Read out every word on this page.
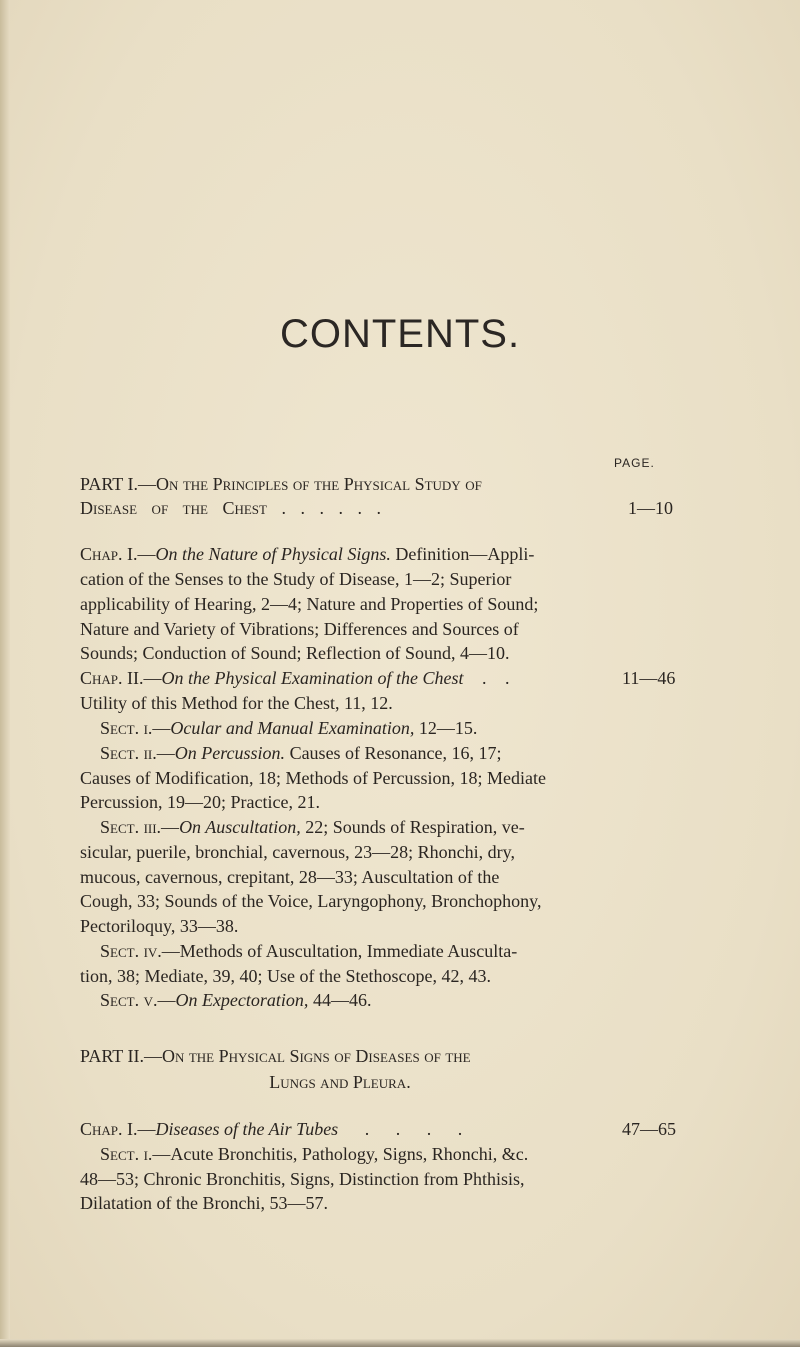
CONTENTS.
PAGE.
PART I.—On the Principles of the Physical Study of
Disease of the Chest . . . . . .	1—10
Chap. I.—On the Nature of Physical Signs. Definition—Appli-
cation of the Senses to the Study of Disease, 1—2; Superior
applicability of Hearing, 2—4; Nature and Properties of Sound;
Nature and Variety of Vibrations; Differences and Sources of
Sounds; Conduction of Sound; Reflection of Sound, 4—10.
Chap. II.—On the Physical Examination of the Chest . .	11—46
Utility of this Method for the Chest, 11, 12.
Sect. i.—Ocular and Manual Examination, 12—15.
Sect. ii.—On Percussion. Causes of Resonance, 16, 17;
Causes of Modification, 18; Methods of Percussion, 18; Mediate
Percussion, 19—20; Practice, 21.
Sect. iii.—On Auscultation, 22; Sounds of Respiration, ve-
sicular, puerile, bronchial, cavernous, 23—28; Rhonchi, dry,
mucous, cavernous, crepitant, 28—33; Auscultation of the
Cough, 33; Sounds of the Voice, Laryngophony, Bronchophony,
Pectoriloquy, 33—38.
Sect. iv.—Methods of Auscultation, Immediate Ausculta-
tion, 38; Mediate, 39, 40; Use of the Stethoscope, 42, 43.
Sect. v.—On Expectoration, 44—46.
PART II.—On the Physical Signs of Diseases of the
Lungs and Pleura.
Chap. I.—Diseases of the Air Tubes . . . .	47—65
Sect. i.—Acute Bronchitis, Pathology, Signs, Rhonchi, &c.
48—53; Chronic Bronchitis, Signs, Distinction from Phthisis,
Dilatation of the Bronchi, 53—57.
